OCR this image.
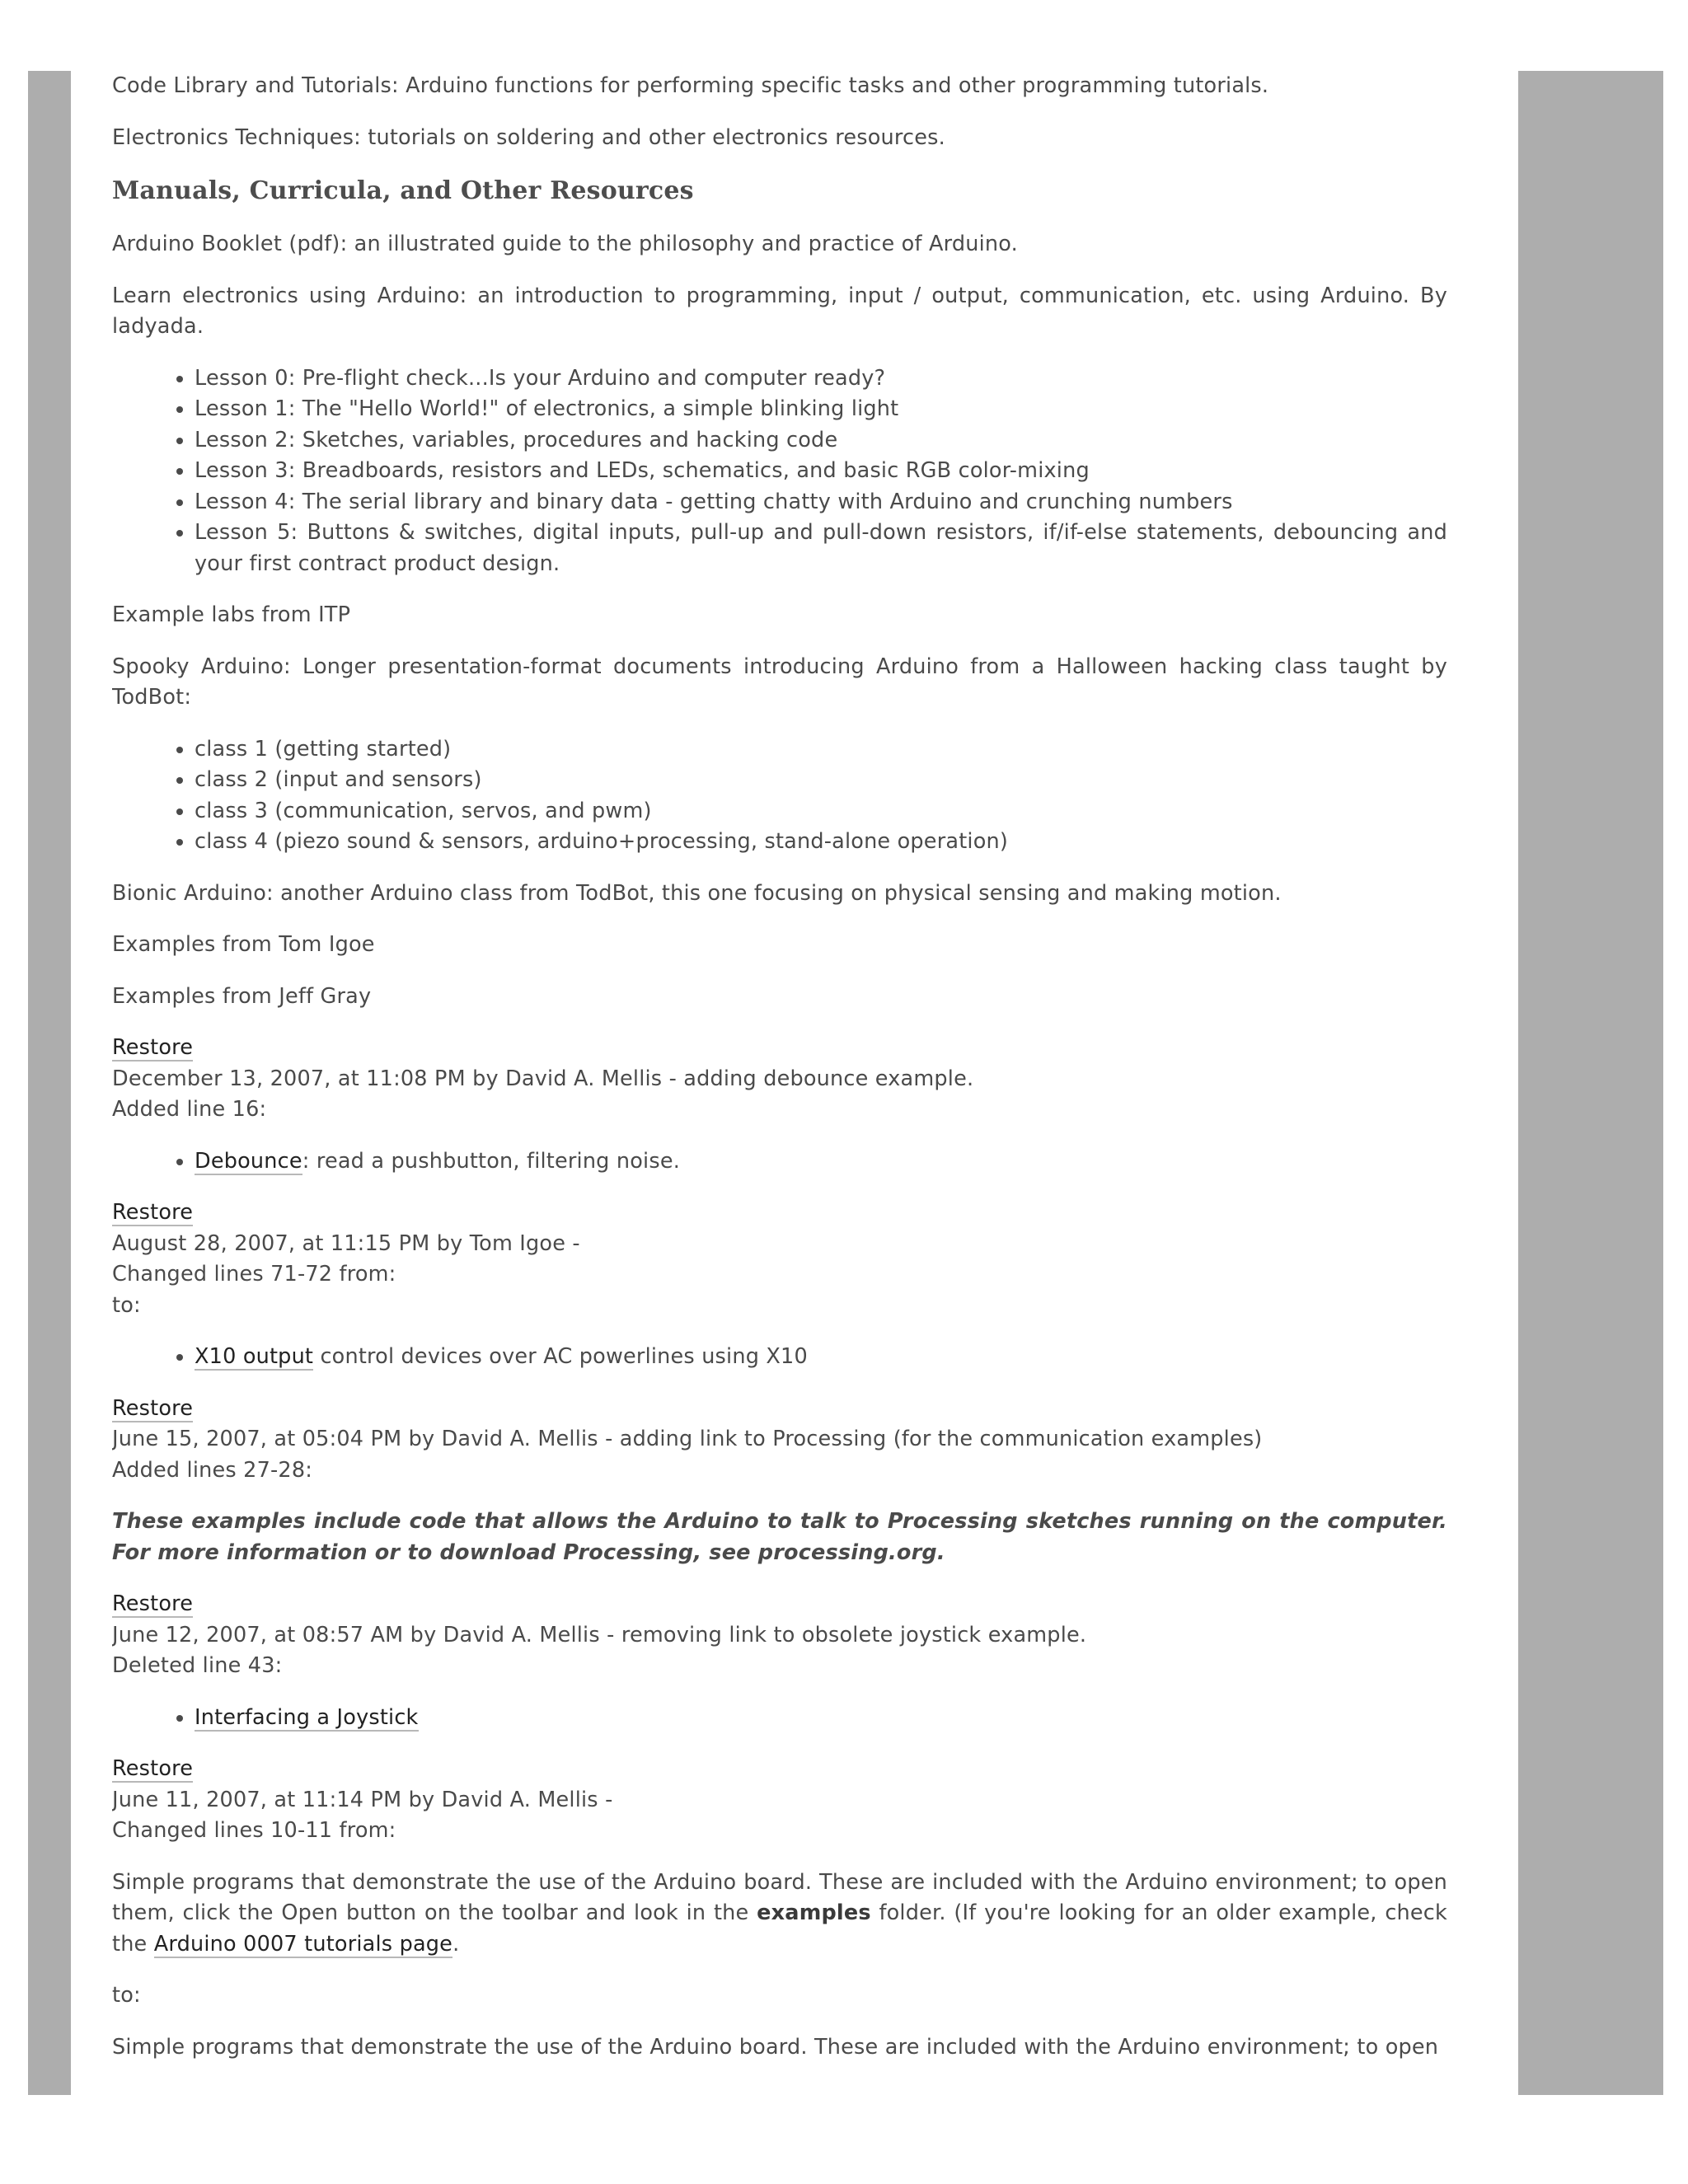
Code Library and Tutorials: Arduino functions for performing specific tasks and other programming tutorials.

Electronics Techniques: tutorials on soldering and other electronics resources.

Manuals, Curricula, and Other Resources

Arduino Booklet (pdf): an illustrated guide to the philosophy and practice of Arduino.

Learn electronics using Arduino: an introduction to programming, input / output, communication, etc. using Arduino. By ladyada.

• Lesson 0: Pre-flight check...Is your Arduino and computer ready?
• Lesson 1: The "Hello World!" of electronics, a simple blinking light
• Lesson 2: Sketches, variables, procedures and hacking code
• Lesson 3: Breadboards, resistors and LEDs, schematics, and basic RGB color-mixing
• Lesson 4: The serial library and binary data - getting chatty with Arduino and crunching numbers
• Lesson 5: Buttons & switches, digital inputs, pull-up and pull-down resistors, if/if-else statements, debouncing and your first contract product design.

Example labs from ITP

Spooky Arduino: Longer presentation-format documents introducing Arduino from a Halloween hacking class taught by TodBot:

• class 1 (getting started)
• class 2 (input and sensors)
• class 3 (communication, servos, and pwm)
• class 4 (piezo sound & sensors, arduino+processing, stand-alone operation)

Bionic Arduino: another Arduino class from TodBot, this one focusing on physical sensing and making motion.

Examples from Tom Igoe

Examples from Jeff Gray

Restore
December 13, 2007, at 11:08 PM by David A. Mellis - adding debounce example.
Added line 16:
• Debounce: read a pushbutton, filtering noise.
Restore
August 28, 2007, at 11:15 PM by Tom Igoe -
Changed lines 71-72 from:
to:
• X10 output control devices over AC powerlines using X10
Restore
June 15, 2007, at 05:04 PM by David A. Mellis - adding link to Processing (for the communication examples)
Added lines 27-28:

These examples include code that allows the Arduino to talk to Processing sketches running on the computer. For more information or to download Processing, see processing.org.

Restore
June 12, 2007, at 08:57 AM by David A. Mellis - removing link to obsolete joystick example.
Deleted line 43:
• Interfacing a Joystick
Restore
June 11, 2007, at 11:14 PM by David A. Mellis -
Changed lines 10-11 from:

Simple programs that demonstrate the use of the Arduino board. These are included with the Arduino environment; to open them, click the Open button on the toolbar and look in the examples folder. (If you're looking for an older example, check the Arduino 0007 tutorials page.

to:

Simple programs that demonstrate the use of the Arduino board. These are included with the Arduino environment; to open
